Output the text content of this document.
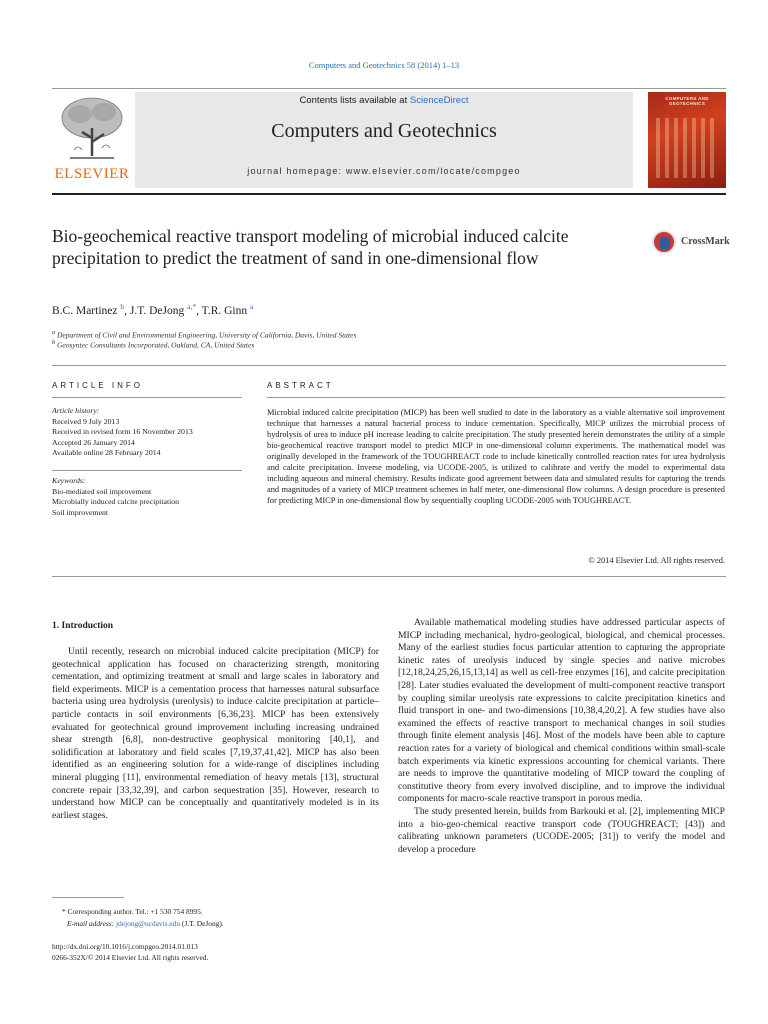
Computers and Geotechnics 58 (2014) 1–13
ELSEVIER
Contents lists available at ScienceDirect
Computers and Geotechnics
journal homepage: www.elsevier.com/locate/compgeo
COMPUTERS AND GEOTECHNICS
Bio-geochemical reactive transport modeling of microbial induced calcite precipitation to predict the treatment of sand in one-dimensional flow
CrossMark
B.C. Martinez $^b$, J.T. DeJong $^{a,*}$, T.R. Ginn $^a$
$^a$ Department of Civil and Environmental Engineering, University of California, Davis, United States
$^b$ Geosyntec Consultants Incorporated, Oakland, CA, United States
ARTICLE INFO
Article history:
Received 9 July 2013
Received in revised form 16 November 2013
Accepted 26 January 2014
Available online 28 February 2014
Keywords:
Bio-mediated soil improvement
Microbially induced calcite precipitation
Soil improvement
ABSTRACT
Microbial induced calcite precipitation (MICP) has been well studied to date in the laboratory as a viable alternative soil improvement technique that harnesses a natural bacterial process to induce cementation. Specifically, MICP utilizes the microbial process of hydrolysis of urea to induce pH increase leading to calcite precipitation. The study presented herein demonstrates the utility of a simple bio-geochemical reactive transport model to predict MICP in one-dimensional column experiments. The mathematical model was originally developed in the framework of the TOUGHREACT code to include kinetically controlled reaction rates for urea hydrolysis and calcite precipitation. Inverse modeling, via UCODE-2005, is utilized to calibrate and verify the model to experimental data including aqueous and mineral chemistry. Results indicate good agreement between data and simulated results for capturing the trends and magnitudes of a variety of MICP treatment schemes in half meter, one-dimensional flow columns. A design procedure is presented for predicting MICP in one-dimensional flow by sequentially coupling UCODE-2005 with TOUGHREACT.
© 2014 Elsevier Ltd. All rights reserved.
1. Introduction

Until recently, research on microbial induced calcite precipitation (MICP) for geotechnical application has focused on characterizing strength, monitoring cementation, and optimizing treatment at small and large scales in laboratory and field experiments. MICP is a cementation process that harnesses natural subsurface bacteria using urea hydrolysis (ureolysis) to induce calcite precipitation at particle–particle contacts in soil environments [6,36,23]. MICP has been extensively evaluated for geotechnical ground improvement including increasing undrained shear strength [6,8], non-destructive geophysical monitoring [40,1], and solidification at laboratory and field scales [7,19,37,41,42]. MICP has also been identified as an engineering solution for a wide-range of disciplines including mineral plugging [11], environmental remediation of heavy metals [13], structural concrete repair [33,32,39], and carbon sequestration [35]. However, research to understand how MICP can be conceptually and quantitatively modeled is in its earliest stages.

Available mathematical modeling studies have addressed particular aspects of MICP including mechanical, hydro-geological, biological, and chemical processes. Many of the earliest studies focus particular attention to capturing the appropriate kinetic rates of ureolysis induced by single species and native microbes [12,18,24,25,26,15,13,14] as well as cell-free enzymes [16], and calcite precipitation [28]. Later studies evaluated the development of multi-component reactive transport by coupling similar ureolysis rate expressions to calcite precipitation kinetics and fluid transport in one- and two-dimensions [10,38,4,20,2]. A few studies have also examined the effects of reactive transport to mechanical changes in soil studies through finite element analysis [46]. Most of the models have been able to capture reaction rates for a variety of biological and chemical conditions within small-scale batch experiments via kinetic expressions accounting for chemical variants. There are needs to improve the quantitative modeling of MICP toward the coupling of constitutive theory from every involved discipline, and to improve the individual components for macro-scale reactive transport in porous media.

The study presented herein, builds from Barkouki et al. [2], implementing MICP into a bio-geo-chemical reactive transport code (TOUGHREACT; [43]) and calibrating unknown parameters (UCODE-2005; [31]) to verify the model and develop a procedure

* Corresponding author. Tel.: +1 530 754 8995.
E-mail address: jdejong@ucdavis.edu (J.T. DeJong).
http://dx.doi.org/10.1016/j.compgeo.2014.01.013
0266-352X/© 2014 Elsevier Ltd. All rights reserved.
